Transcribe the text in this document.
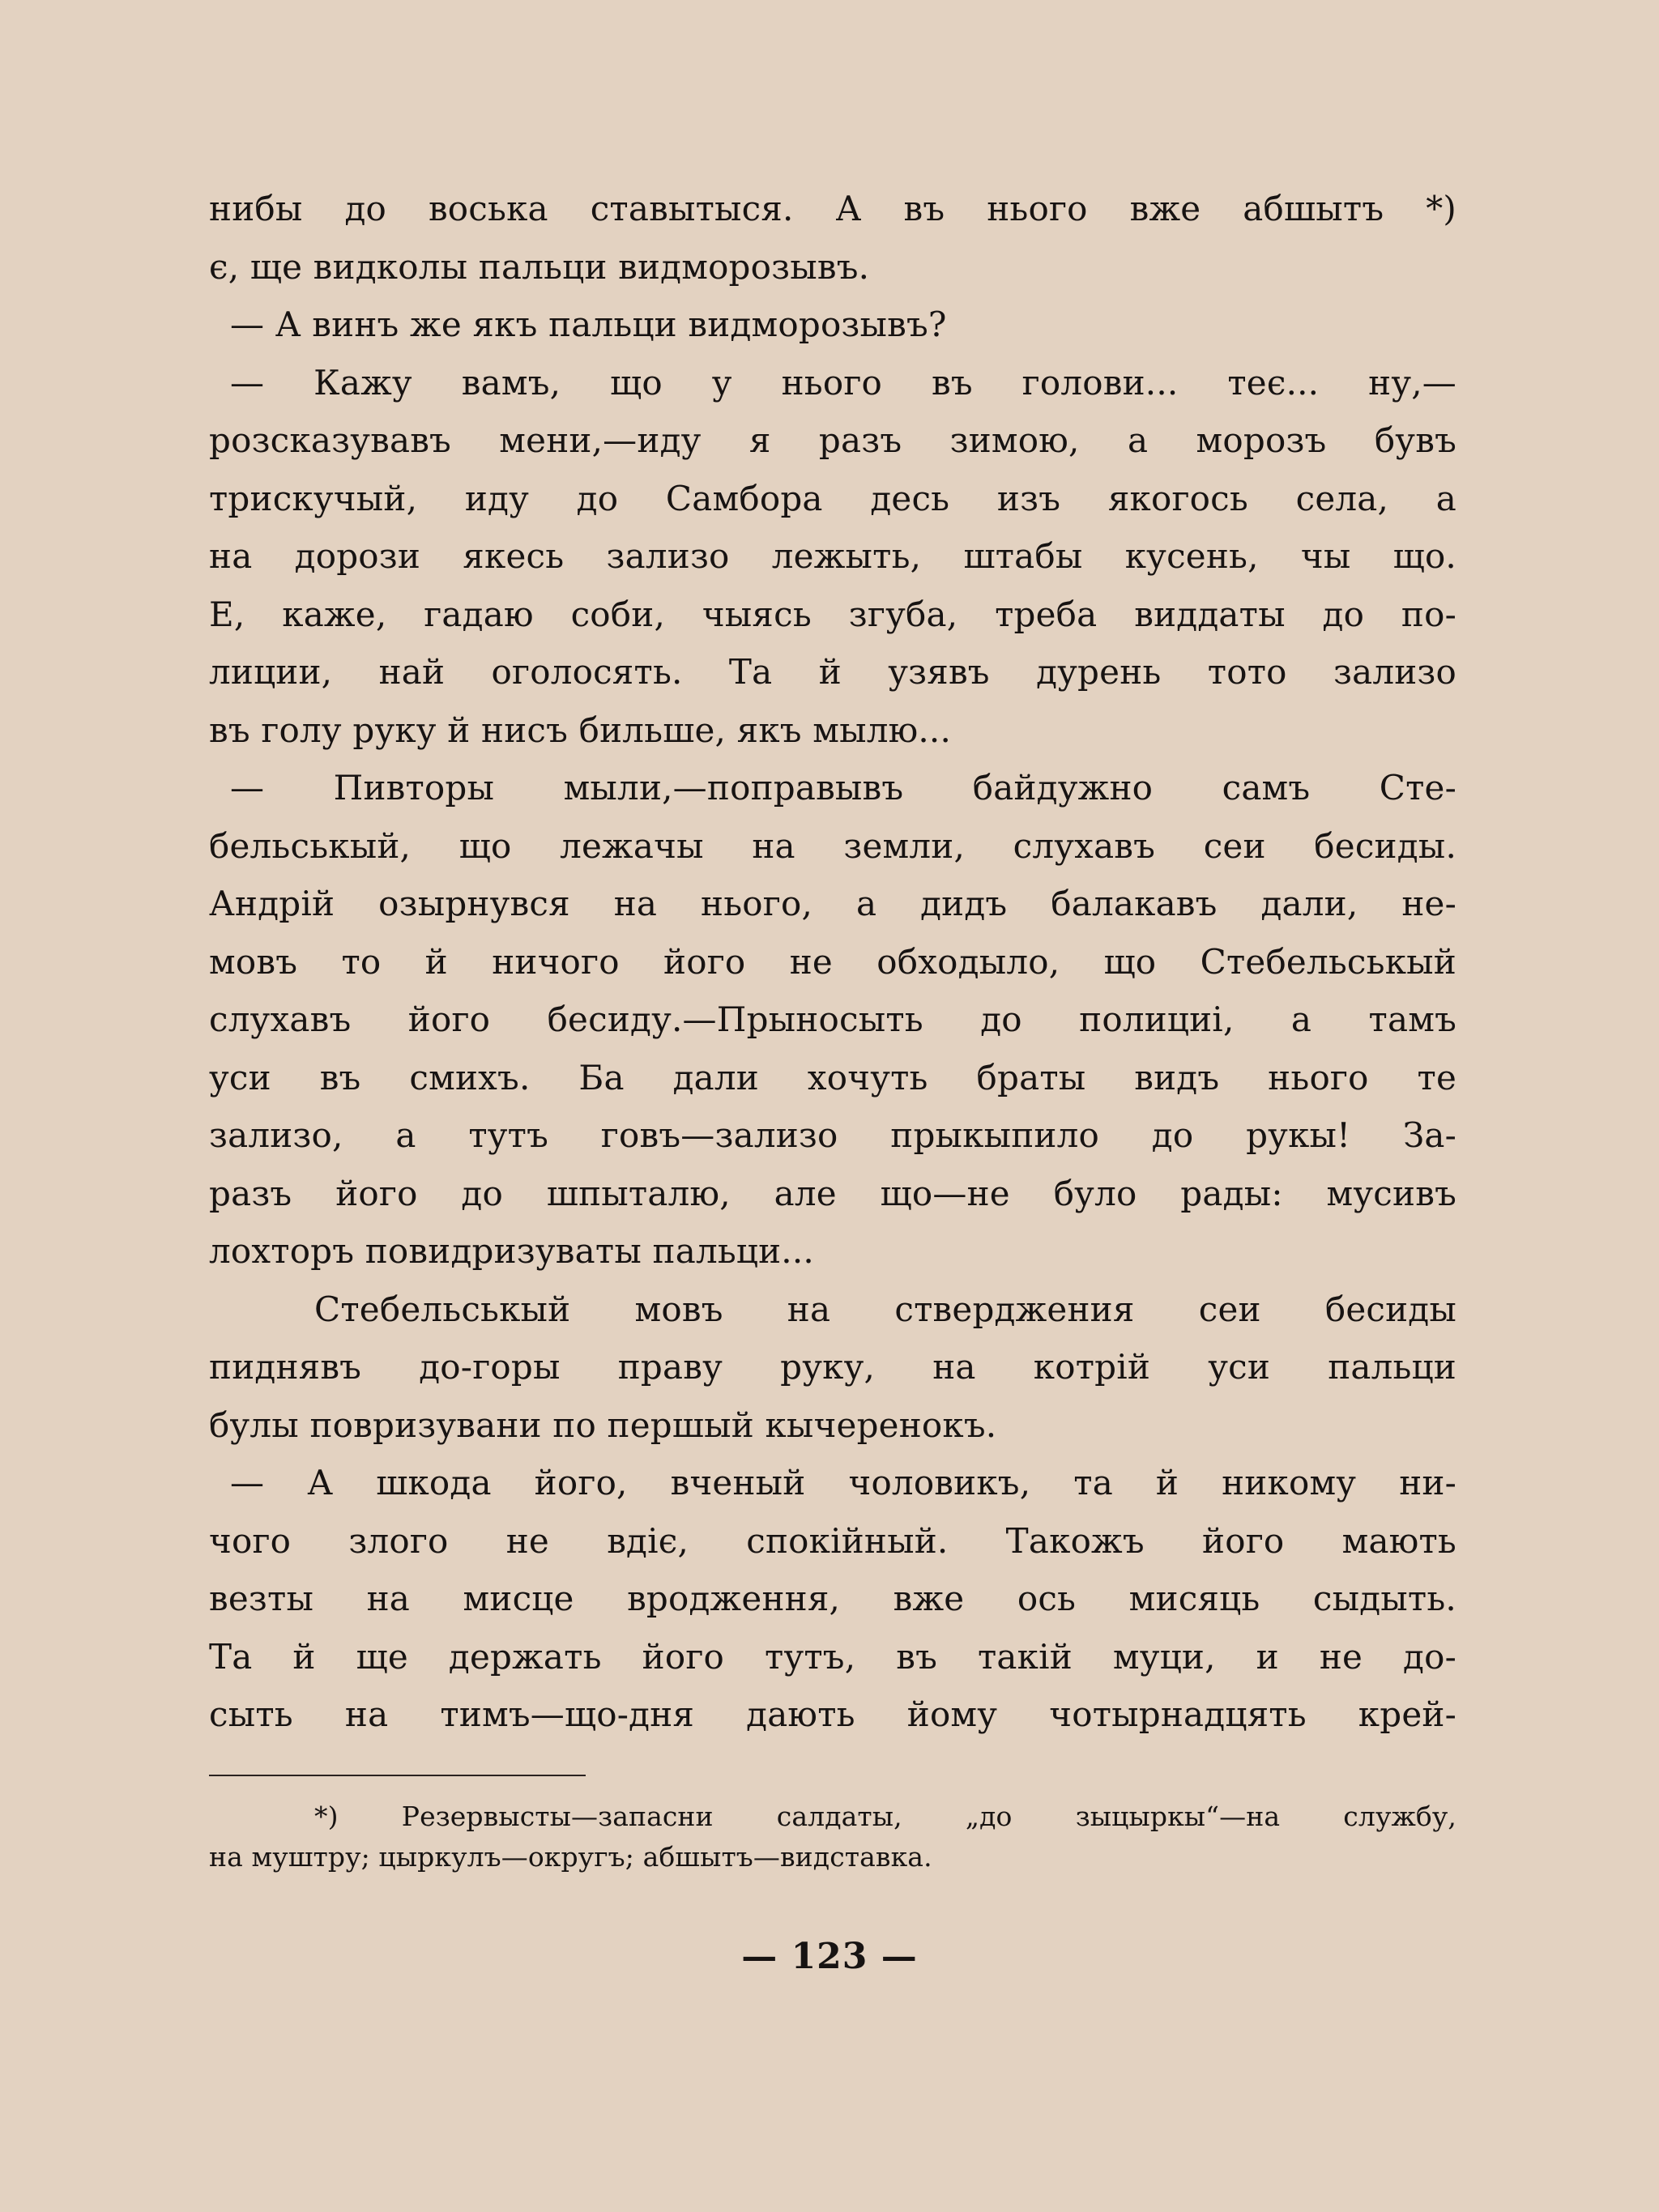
нибы до воська ставытыся. А въ нього вже абшытъ *)
є, ще видколы пальци видморозывъ.
— А винъ же якъ пальци видморозывъ?
— Кажу вамъ, що у нього въ голови... теє... ну,—
розсказувавъ мени,—иду я разъ зимою, а морозъ бувъ
трискучый, иду до Самбора десь изъ якогось села, а
на дорози якесь зализо лежыть, штабы кусень, чы що.
Е, каже, гадаю соби, чыясь згуба, треба виддаты до по-
лиции, най оголосять. Та й узявъ дурень тото зализо
въ голу руку й нисъ бильше, якъ мылю...
— Пивторы мыли,—поправывъ байдужно самъ Сте-
бельськый, що лежачы на земли, слухавъ сеи бесиды.
Андрій озырнувся на нього, а дидъ балакавъ дали, не-
мовъ то й ничого його не обходыло, що Стебельськый
слухавъ його бесиду.—Прыносыть до полициі, а тамъ
уси въ смихъ. Ба дали хочуть браты видъ нього те
зализо, а тутъ говъ—зализо прыкыпило до рукы! За-
разъ його до шпыталю, але що—не було рады: мусивъ
лохторъ повидризуваты пальци...
Стебельськый мовъ на стверджения сеи бесиды
пиднявъ до-горы праву руку, на котрій уси пальци
булы повризувани по першый кычеренокъ.
— А шкода його, вченый чоловикъ, та й никому ни-
чого злого не вдіє, спокійный. Такожъ його мають
везты на мисце вродження, вже ось мисяць сыдыть.
Та й ще держать його тутъ, въ такій муци, и не до-
сыть на тимъ—що-дня дають йому чотырнадцять крей-
*) Резервысты—запасни салдаты, „до зыцыркы“—на службу,
на муштру; цыркулъ—округъ; абшытъ—видставка.
— 123 —
